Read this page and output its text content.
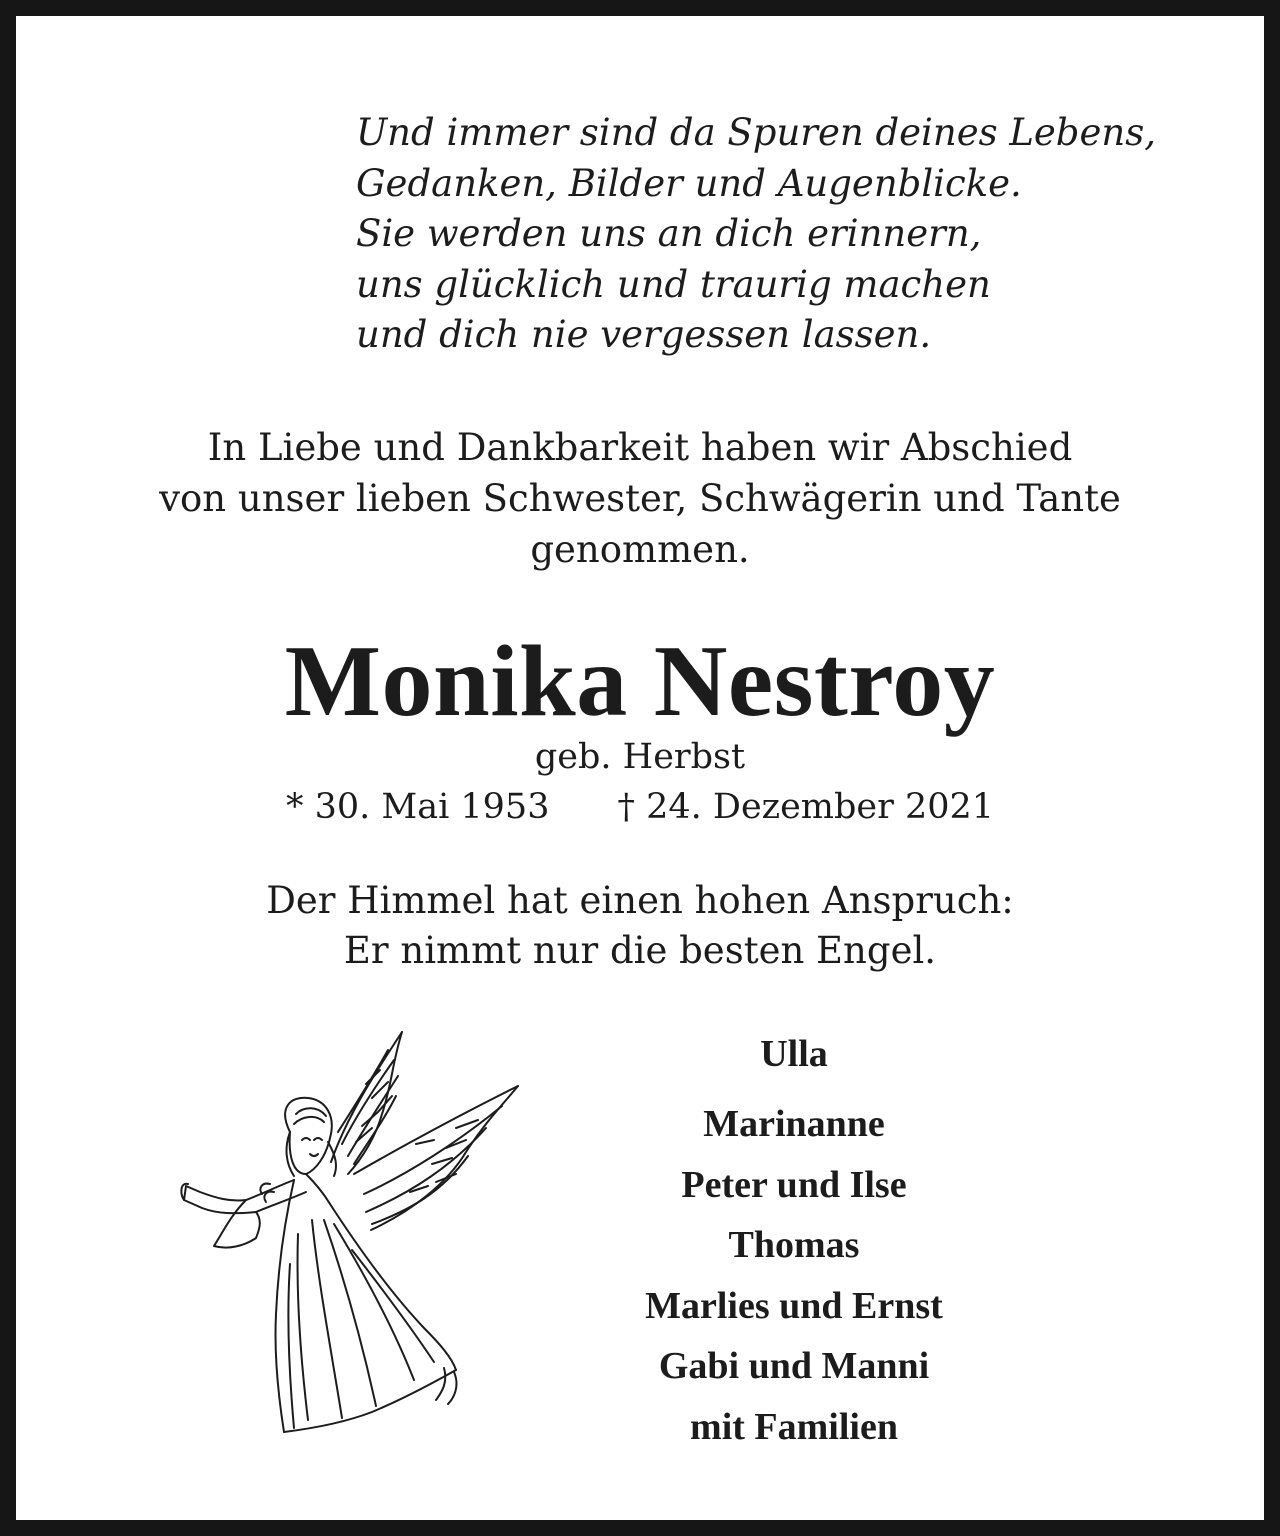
Und immer sind da Spuren deines Lebens,
Gedanken, Bilder und Augenblicke.
Sie werden uns an dich erinnern,
uns glücklich und traurig machen
und dich nie vergessen lassen.
In Liebe und Dankbarkeit haben wir Abschied
von unser lieben Schwester, Schwägerin und Tante
genommen.
Monika Nestroy
geb. Herbst
* 30. Mai 1953 † 24. Dezember 2021
Der Himmel hat einen hohen Anspruch:
Er nimmt nur die besten Engel.
Ulla
Marinanne
Peter und Ilse
Thomas
Marlies und Ernst
Gabi und Manni
mit Familien
